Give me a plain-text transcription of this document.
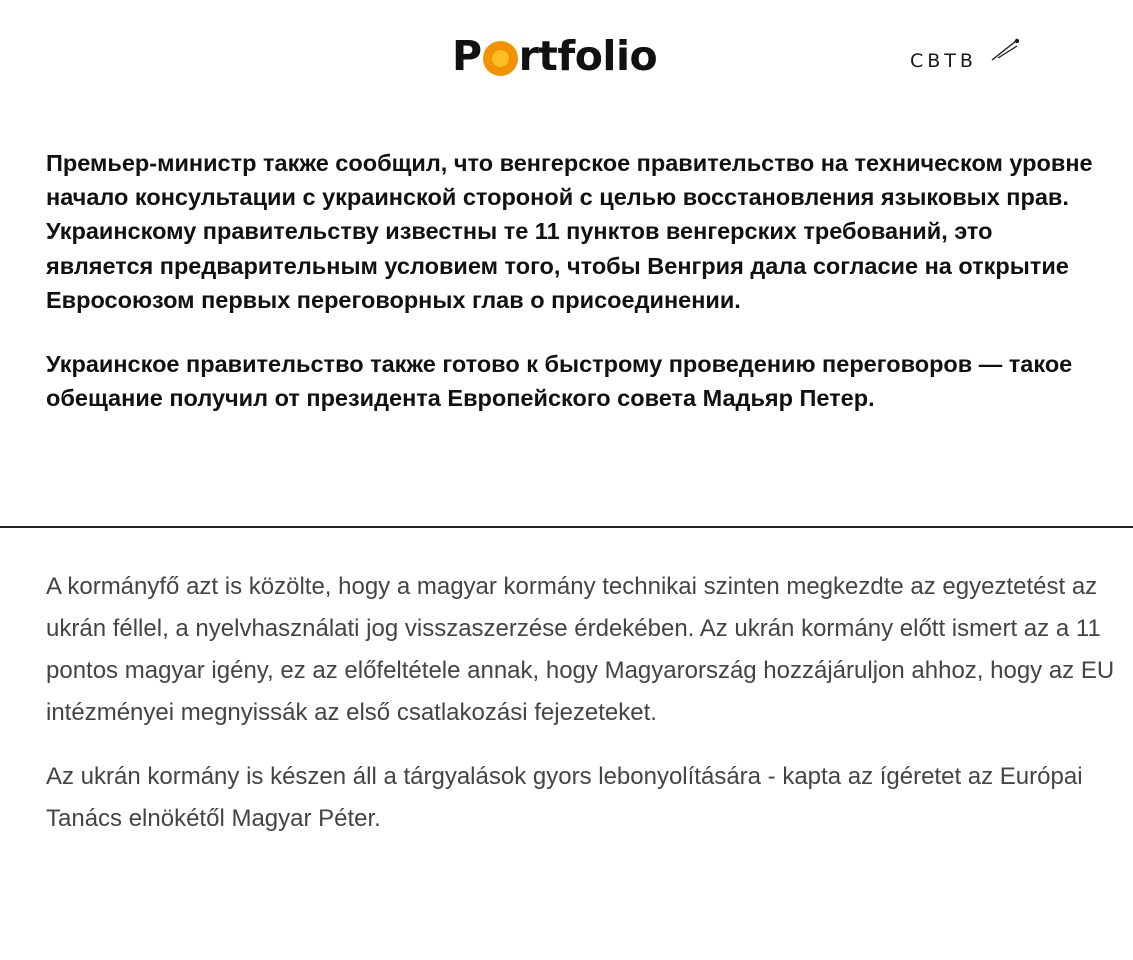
P rtfolio	CBTB

Премьер-министр также сообщил, что венгерское правительство на техническом уровне начало консультации с украинской стороной с целью восстановления языковых прав. Украинскому правительству известны те 11 пунктов венгерских требований, это является предварительным условием того, чтобы Венгрия дала согласие на открытие Евросоюзом первых переговорных глав о присоединении.

Украинское правительство также готово к быстрому проведению переговоров — такое обещание получил от президента Европейского совета Мадьяр Петер.

A kormányfő azt is közölte, hogy a magyar kormány technikai szinten megkezdte az egyeztetést az ukrán féllel, a nyelvhasználati jog visszaszerzése érdekében. Az ukrán kormány előtt ismert az a 11 pontos magyar igény, ez az előfeltétele annak, hogy Magyarország hozzájáruljon ahhoz, hogy az EU intézményei megnyissák az első csatlakozási fejezeteket.

Az ukrán kormány is készen áll a tárgyalások gyors lebonyolítására - kapta az ígéretet az Európai Tanács elnökétől Magyar Péter.
